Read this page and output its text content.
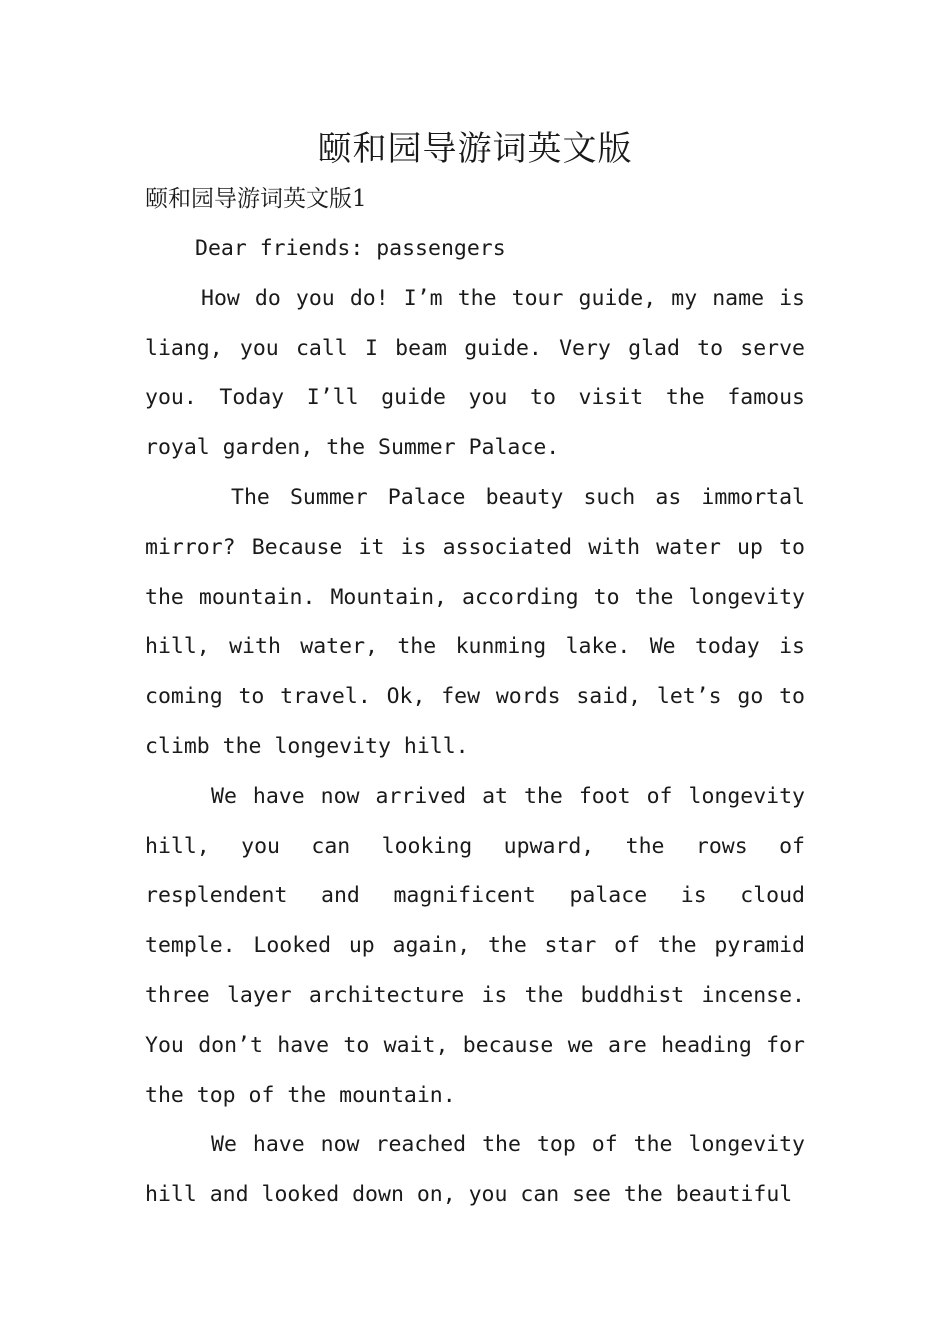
颐和园导游词英文版
颐和园导游词英文版1

Dear friends: passengers

How do you do! I’m the tour guide, my name is liang, you call I beam guide. Very glad to serve you. Today I’ll guide you to visit the famous royal garden, the Summer Palace.

The Summer Palace beauty such as immortal mirror? Because it is associated with water up to the mountain. Mountain, according to the longevity hill, with water, the kunming lake. We today is coming to travel. Ok, few words said, let’s go to climb the longevity hill.

We have now arrived at the foot of longevity hill, you can looking upward, the rows of resplendent and magnificent palace is cloud temple. Looked up again, the star of the pyramid three layer architecture is the buddhist incense. You don’t have to wait, because we are heading for the top of the mountain.

We have now reached the top of the longevity hill and looked down on, you can see the beautiful
